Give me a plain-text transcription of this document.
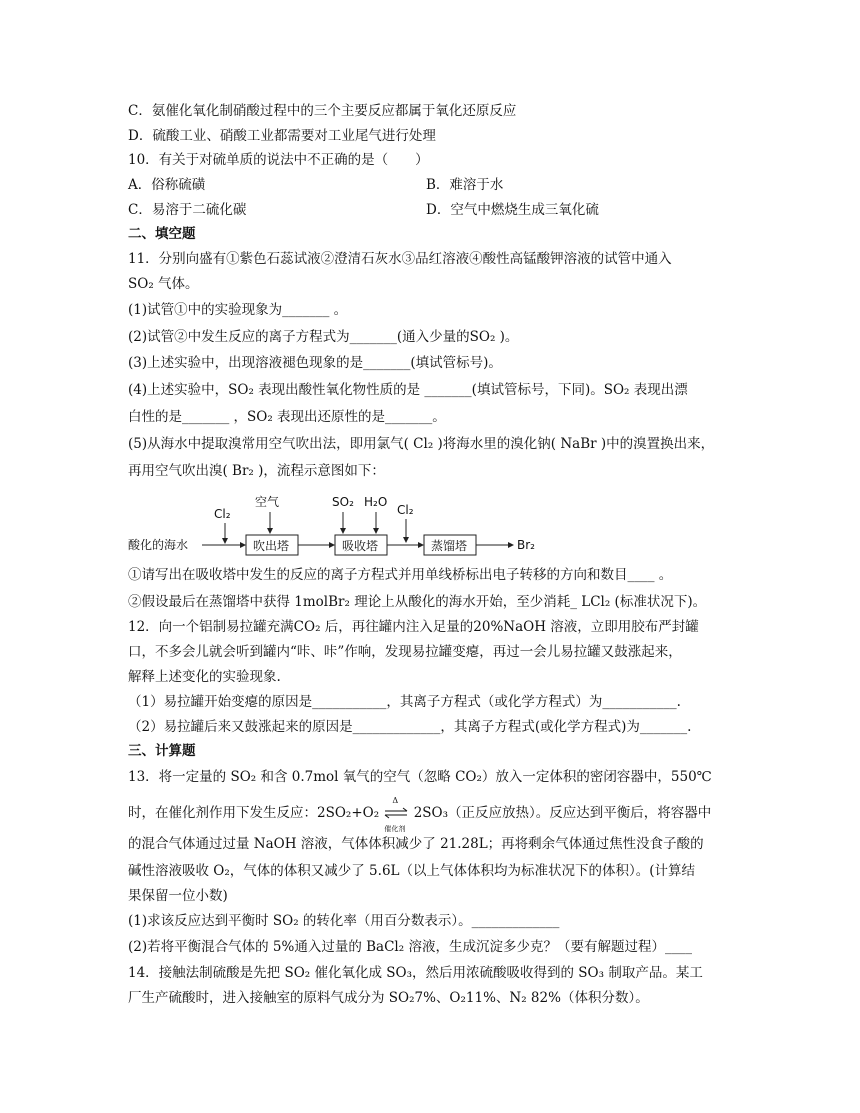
C．氨催化氧化制硝酸过程中的三个主要反应都属于氧化还原反应
D．硫酸工业、硝酸工业都需要对工业尾气进行处理
10．有关于对硫单质的说法中不正确的是（　　）
A．俗称硫磺	B．难溶于水
C．易溶于二硫化碳	D．空气中燃烧生成三氧化硫
二、填空题
11．分别向盛有①紫色石蕊试液②澄清石灰水③品红溶液④酸性高锰酸钾溶液的试管中通入
SO₂ 气体。
(1)试管①中的实验现象为_______ 。
(2)试管②中发生反应的离子方程式为_______(通入少量的SO₂ )。
(3)上述实验中，出现溶液褪色现象的是_______(填试管标号)。
(4)上述实验中，SO₂ 表现出酸性氧化物性质的是 _______(填试管标号，下同)。SO₂ 表现出漂
白性的是_______ ，SO₂ 表现出还原性的是_______。
(5)从海水中提取溴常用空气吹出法，即用氯气( Cl₂ )将海水里的溴化钠( NaBr )中的溴置换出来，
再用空气吹出溴( Br₂ )，流程示意图如下：
酸化的海水
Cl₂
吹出塔
空气
吸收塔
SO₂ H₂O
Cl₂
蒸馏塔	Br₂
①请写出在吸收塔中发生的反应的离子方程式并用单线桥标出电子转移的方向和数目____ 。
②假设最后在蒸馏塔中获得 1molBr₂ 理论上从酸化的海水开始，至少消耗_ LCl₂ (标准状况下)。
12．向一个铝制易拉罐充满CO₂ 后，再往罐内注入足量的20%NaOH 溶液，立即用胶布严封罐
口，不多会儿就会听到罐内“咔、咔”作响，发现易拉罐变瘪，再过一会儿易拉罐又鼓涨起来，
解释上述变化的实验现象.
（1）易拉罐开始变瘪的原因是___________，其离子方程式（或化学方程式）为___________.
（2）易拉罐后来又鼓涨起来的原因是_____________，其离子方程式(或化学方程式)为_______.
三、计算题
13．将一定量的 SO₂ 和含 0.7mol 氧气的空气（忽略 CO₂）放入一定体积的密闭容器中，550℃
时，在催化剂作用下发生反应：2SO₂+O₂
Δ
催化剂
2SO₃（正反应放热）。反应达到平衡后，将容器中
的混合气体通过过量 NaOH 溶液，气体体积减少了 21.28L；再将剩余气体通过焦性没食子酸的
碱性溶液吸收 O₂，气体的体积又减少了 5.6L（以上气体体积均为标准状况下的体积）。(计算结
果保留一位小数)
(1)求该反应达到平衡时 SO₂ 的转化率（用百分数表示）。_____________
(2)若将平衡混合气体的 5%通入过量的 BaCl₂ 溶液，生成沉淀多少克？（要有解题过程）____
14．接触法制硫酸是先把 SO₂ 催化氧化成 SO₃，然后用浓硫酸吸收得到的 SO₃ 制取产品。某工
厂生产硫酸时，进入接触室的原料气成分为 SO₂7%、O₂11%、N₂ 82%（体积分数）。
